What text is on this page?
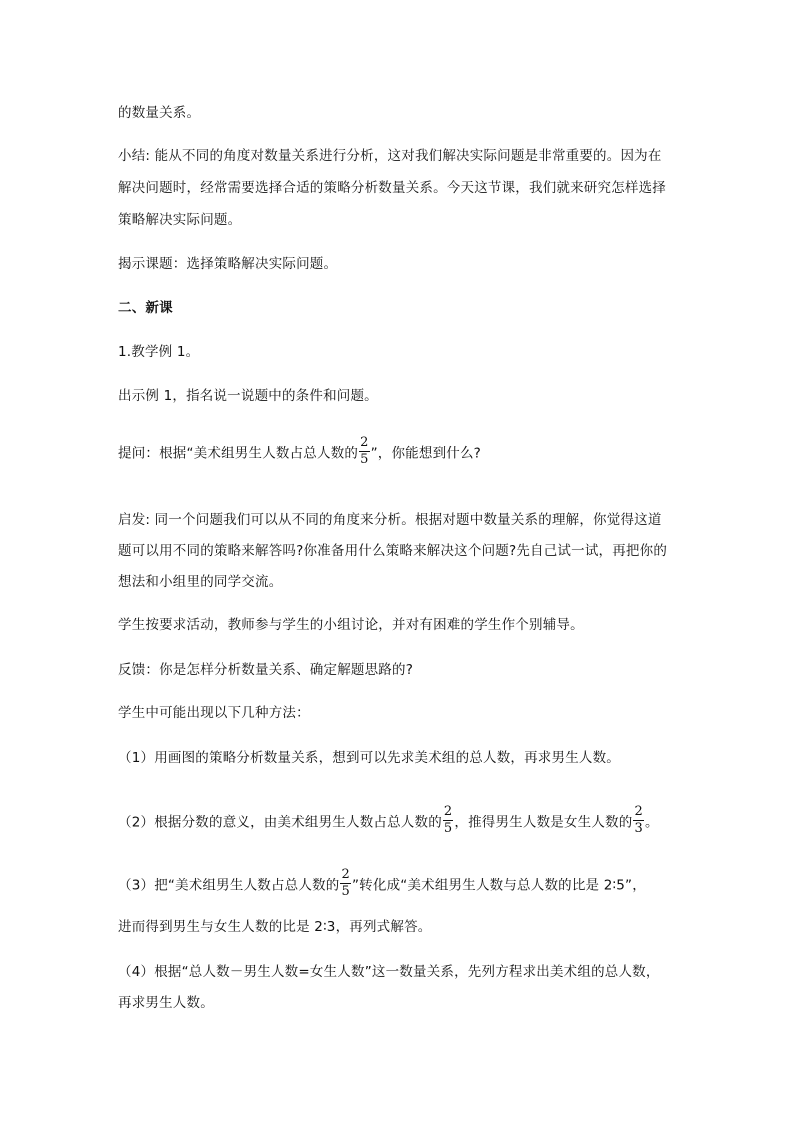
的数量关系。
小结: 能从不同的角度对数量关系进行分析，这对我们解决实际问题是非常重要的。因为在
解决问题时，经常需要选择合适的策略分析数量关系。今天这节课，我们就来研究怎样选择
策略解决实际问题。
揭示课题：选择策略解决实际问题。
二、新课
1.教学例 1。
出示例 1，指名说一说题中的条件和问题。
提问：根据“美术组男生人数占总人数的 $\frac{2}{5}$ ”，你能想到什么?
启发: 同一个问题我们可以从不同的角度来分析。根据对题中数量关系的理解，你觉得这道
题可以用不同的策略来解答吗?你准备用什么策略来解决这个问题?先自己试一试，再把你的
想法和小组里的同学交流。
学生按要求活动，教师参与学生的小组讨论，并对有困难的学生作个别辅导。
反馈：你是怎样分析数量关系、确定解题思路的?
学生中可能出现以下几种方法：
（1）用画图的策略分析数量关系，想到可以先求美术组的总人数，再求男生人数。
（2）根据分数的意义，由美术组男生人数占总人数的 $\frac{2}{5}$ ，推得男生人数是女生人数的 $\frac{2}{3}$ 。
（3）把“美术组男生人数占总人数的 $\frac{2}{5}$ ”转化成“美术组男生人数与总人数的比是 2∶5”，
进而得到男生与女生人数的比是 2∶3，再列式解答。
（4）根据“总人数－男生人数=女生人数”这一数量关系，先列方程求出美术组的总人数，
再求男生人数。
